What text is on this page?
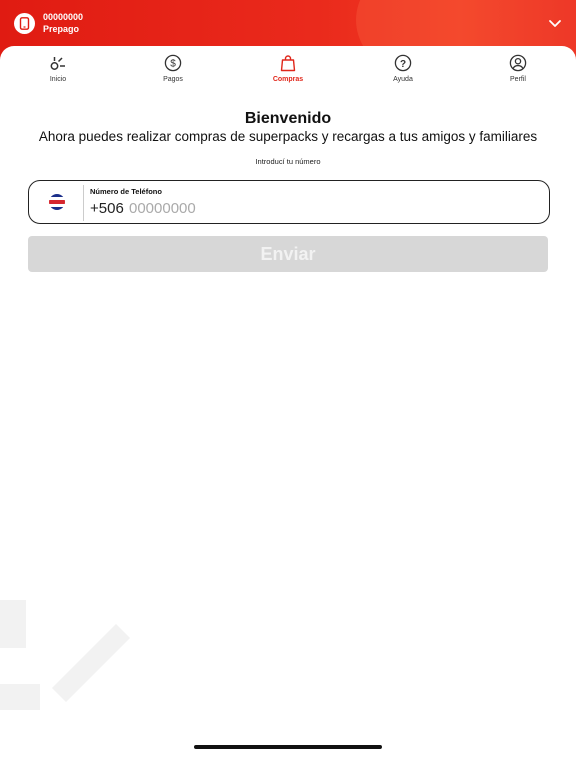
00000000
Prepago
Inicio
$
Pagos	Compras
?
Ayuda	Perfil
Bienvenido

Ahora puedes realizar compras de superpacks y recargas a tus amigos y familiares

Introducí tu número

Número de Teléfono
+506
00000000
Enviar
